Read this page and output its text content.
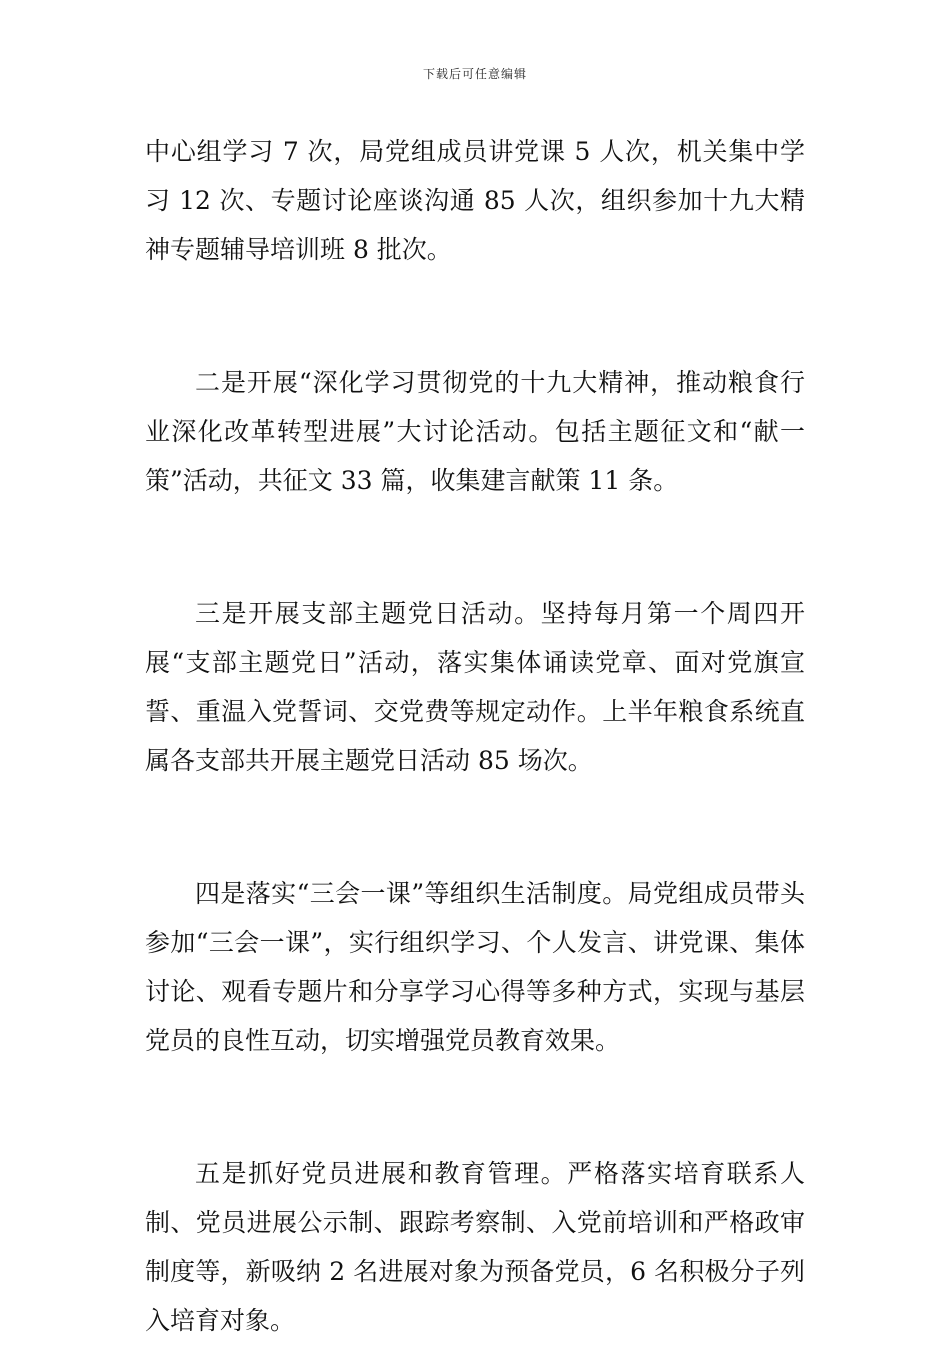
下载后可任意编辑

中心组学习 7 次，局党组成员讲党课 5 人次，机关集中学习 12 次、专题讨论座谈沟通 85 人次，组织参加十九大精神专题辅导培训班 8 批次。

二是开展“深化学习贯彻党的十九大精神，推动粮食行业深化改革转型进展”大讨论活动。包括主题征文和“献一策”活动，共征文 33 篇，收集建言献策 11 条。

三是开展支部主题党日活动。坚持每月第一个周四开展“支部主题党日”活动，落实集体诵读党章、面对党旗宣誓、重温入党誓词、交党费等规定动作。上半年粮食系统直属各支部共开展主题党日活动 85 场次。

四是落实“三会一课”等组织生活制度。局党组成员带头参加“三会一课”，实行组织学习、个人发言、讲党课、集体讨论、观看专题片和分享学习心得等多种方式，实现与基层党员的良性互动，切实增强党员教育效果。

五是抓好党员进展和教育管理。严格落实培育联系人制、党员进展公示制、跟踪考察制、入党前培训和严格政审制度等，新吸纳 2 名进展对象为预备党员，6 名积极分子列入培育对象。
